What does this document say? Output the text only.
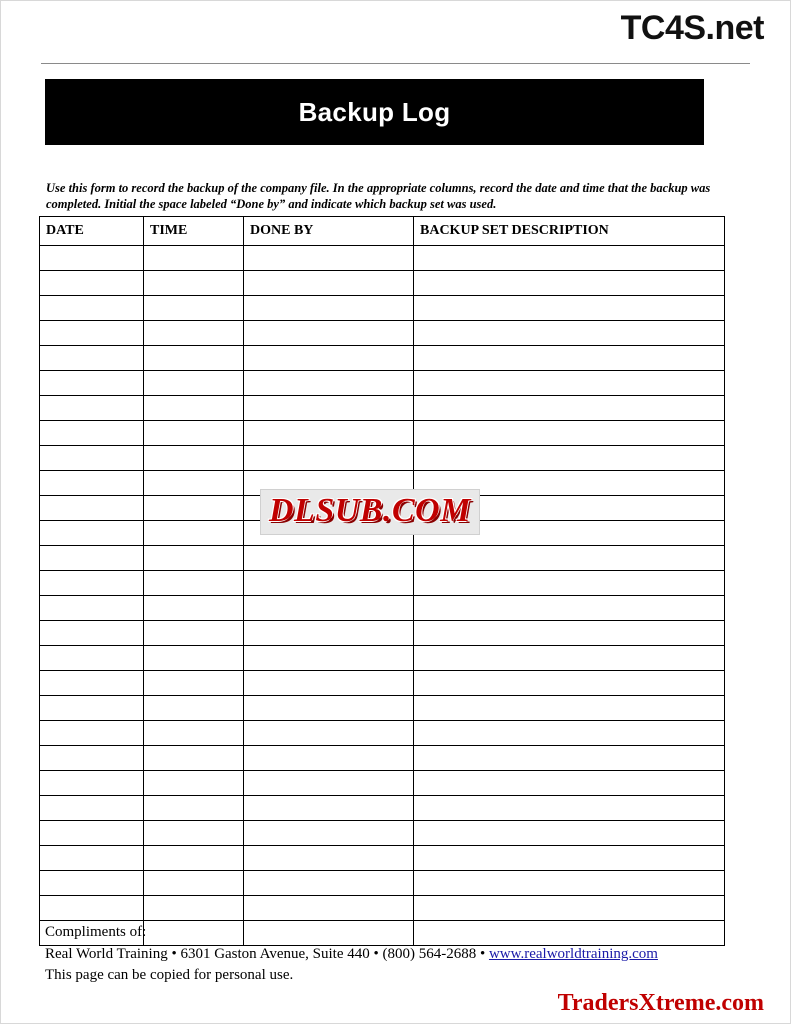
TC4S.net
Backup Log

Use this form to record the backup of the company file. In the appropriate columns, record the date and time that the backup was completed. Initial the space labeled “Done by” and indicate which backup set was used.

DATE	TIME	DONE BY	BACKUP SET DESCRIPTION

DLSUB.COM
Compliments of:
Real World Training • 6301 Gaston Avenue, Suite 440 • (800) 564-2688 • www.realworldtraining.com
This page can be copied for personal use.
TradersXtreme.com
